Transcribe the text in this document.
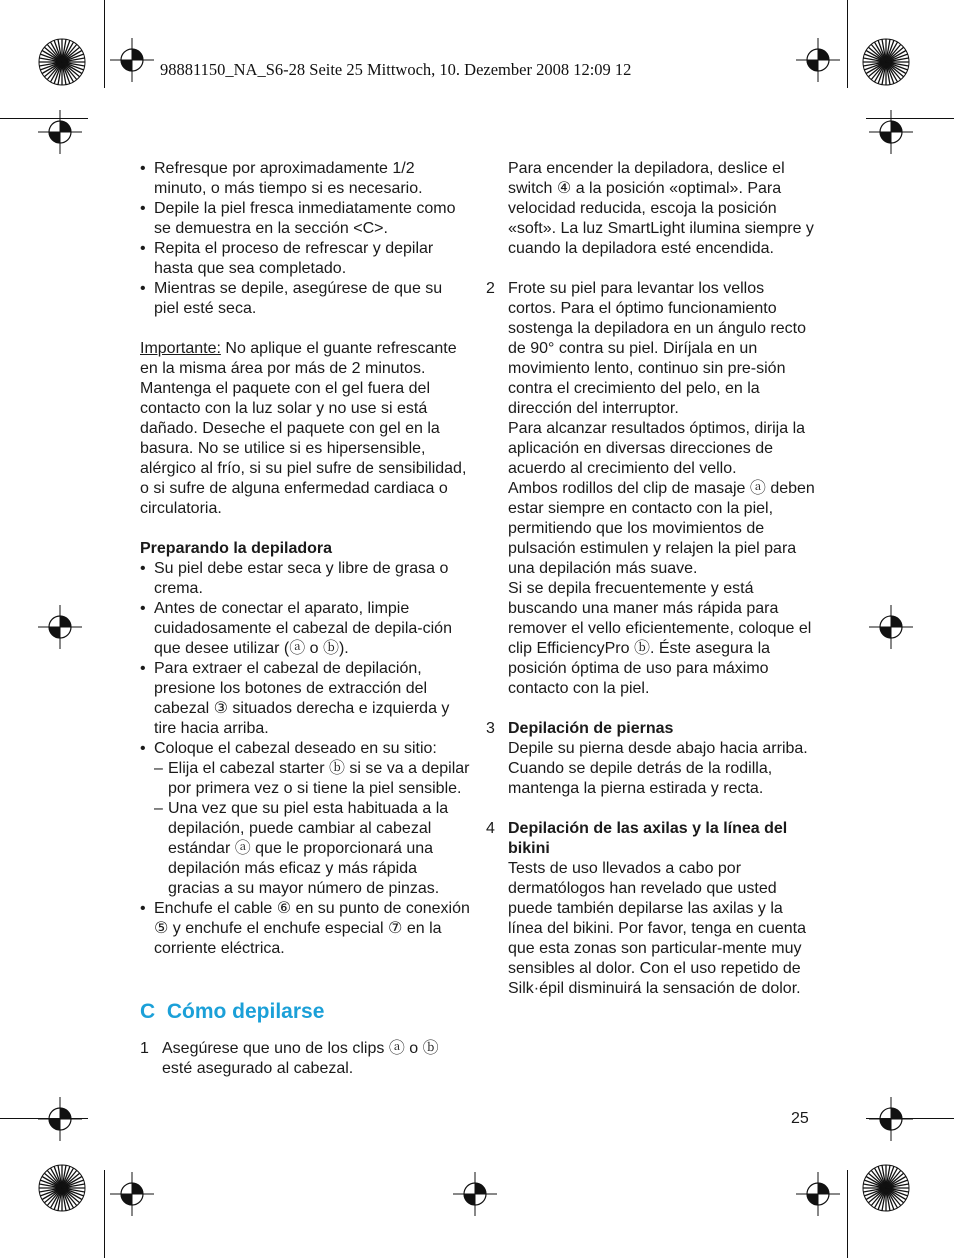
98881150_NA_S6-28 Seite 25 Mittwoch, 10. Dezember 2008 12:09 12

• Refresque por aproximadamente 1/2 minuto, o más tiempo si es necesario.

• Depile la piel fresca inmediatamente como se demuestra en la sección <C>.

• Repita el proceso de refrescar y depilar hasta que sea completado.

• Mientras se depile, asegúrese de que su piel esté seca.

Importante: No aplique el guante refrescante en la misma área por más de 2 minutos. Mantenga el paquete con el gel fuera del contacto con la luz solar y no use si está dañado. Deseche el paquete con gel en la basura. No se utilice si es hipersensible, alérgico al frío, si su piel sufre de sensibilidad, o si sufre de alguna enfermedad cardiaca o circulatoria.

Preparando la depiladora

• Su piel debe estar seca y libre de grasa o crema.

• Antes de conectar el aparato, limpie cuidadosamente el cabezal de depila-ción que desee utilizar (ⓐ o ⓑ).

• Para extraer el cabezal de depilación, presione los botones de extracción del cabezal ③ situados derecha e izquierda y tire hacia arriba.

• Coloque el cabezal deseado en su sitio:

– Elija el cabezal starter ⓑ si se va a depilar por primera vez o si tiene la piel sensible.

– Una vez que su piel esta habituada a la depilación, puede cambiar al cabezal estándar ⓐ que le proporcionará una depilación más eficaz y más rápida gracias a su mayor número de pinzas.

• Enchufe el cable ⑥ en su punto de conexión ⑤ y enchufe el enchufe especial ⑦ en la corriente eléctrica.

C  Cómo depilarse

1 Asegúrese que uno de los clips ⓐ o ⓑ esté asegurado al cabezal.

Para encender la depiladora, deslice el switch ④ a la posición «optimal». Para velocidad reducida, escoja la posición «soft». La luz SmartLight ilumina siempre y cuando la depiladora esté encendida.

2 Frote su piel para levantar los vellos cortos. Para el óptimo funcionamiento sostenga la depiladora en un ángulo recto de 90° contra su piel. Diríjala en un movimiento lento, continuo sin pre-sión contra el crecimiento del pelo, en la dirección del interruptor.

Para alcanzar resultados óptimos, dirija la aplicación en diversas direcciones de acuerdo al crecimiento del vello.

Ambos rodillos del clip de masaje ⓐ deben estar siempre en contacto con la piel, permitiendo que los movimientos de pulsación estimulen y relajen la piel para una depilación más suave.

Si se depila frecuentemente y está buscando una maner más rápida para remover el vello eficientemente, coloque el clip EfficiencyPro ⓑ. Éste asegura la posición óptima de uso para máximo contacto con la piel.

3 Depilación de piernas

Depile su pierna desde abajo hacia arriba. Cuando se depile detrás de la rodilla, mantenga la pierna estirada y recta.

4 Depilación de las axilas y la línea del bikini

Tests de uso llevados a cabo por dermatólogos han revelado que usted puede también depilarse las axilas y la línea del bikini. Por favor, tenga en cuenta que esta zonas son particular-mente muy sensibles al dolor. Con el uso repetido de Silk·épil disminuirá la sensación de dolor.

25
